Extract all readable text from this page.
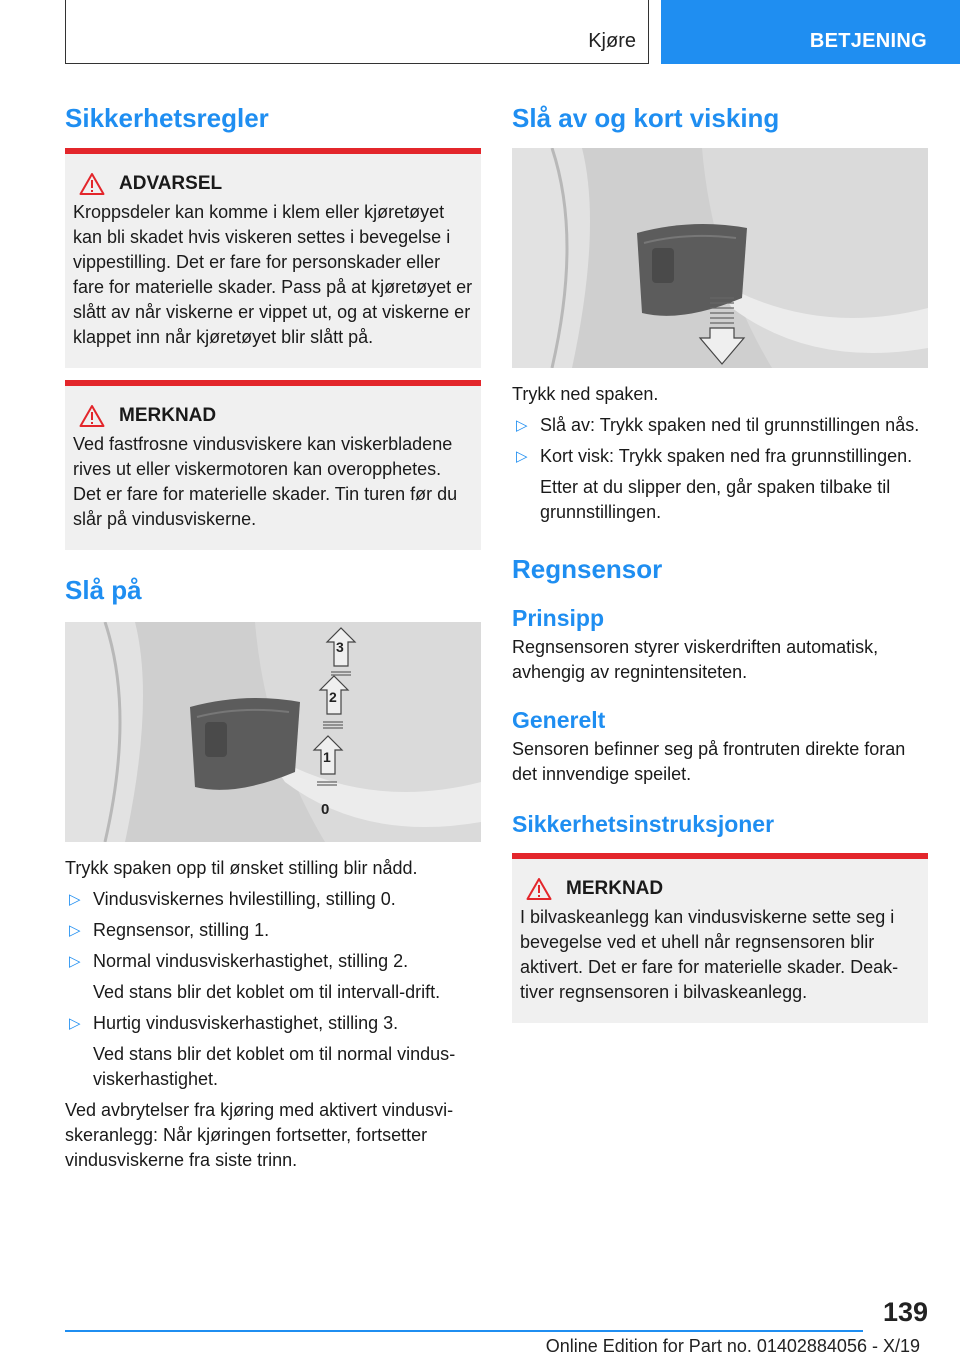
Kjøre	BETJENING
Sikkerhetsregler
ADVARSEL

Kroppsdeler kan komme i klem eller kjøretøyet kan bli skadet hvis viskeren settes i bevegelse i vippestilling. Det er fare for personskader eller fare for materielle skader. Pass på at kjøretøyet er slått av når viskerne er vippet ut, og at viskerne er klappet inn når kjøretøyet blir slått på.

MERKNAD

Ved fastfrosne vindusviskere kan viskerbladene rives ut eller viskermotoren kan overopphetes. Det er fare for materielle skader. Tin turen før du slår på vindusviskerne.

Slå på
3
2
1
0

Trykk spaken opp til ønsket stilling blir nådd.

▷ Vindusviskernes hvilestilling, stilling 0.
▷ Regnsensor, stilling 1.
▷ Normal vindusviskerhastighet, stilling 2.
Ved stans blir det koblet om til intervall-drift.
▷ Hurtig vindusviskerhastighet, stilling 3.
Ved stans blir det koblet om til normal vindusviskerhastighet.

Ved avbrytelser fra kjøring med aktivert vindusviskeranlegg: Når kjøringen fortsetter, fortsetter vindusviskerne fra siste trinn.

Slå av og kort visking

Trykk ned spaken.

▷ Slå av: Trykk spaken ned til grunnstillingen nås.
▷ Kort visk: Trykk spaken ned fra grunnstillingen.
Etter at du slipper den, går spaken tilbake til grunnstillingen.
Regnsensor
Prinsipp

Regnsensoren styrer viskerdriften automatisk, avhengig av regnintensiteten.

Generelt

Sensoren befinner seg på frontruten direkte foran det innvendige speilet.

Sikkerhetsinstruksjoner
MERKNAD

I bilvaskeanlegg kan vindusviskerne sette seg i bevegelse ved et uhell når regnsensoren blir aktivert. Det er fare for materielle skader. Deaktiver regnsensoren i bilvaskeanlegg.

139
Online Edition for Part no. 01402884056 - X/19
